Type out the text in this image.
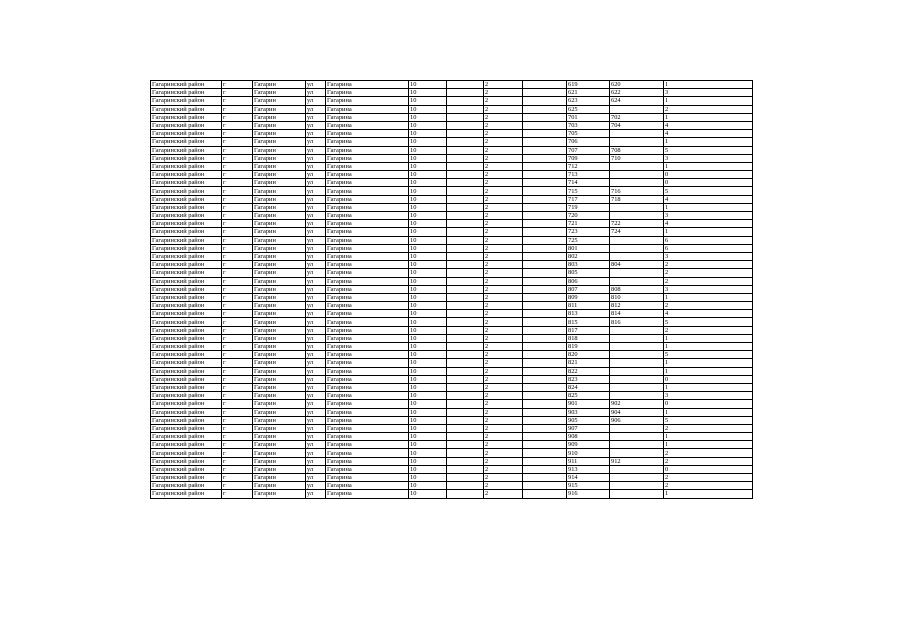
Гагаринский район	г	Гагарин	ул	Гагарина	10		2		619	620	1
Гагаринский район	г	Гагарин	ул	Гагарина	10		2		621	622	3
Гагаринский район	г	Гагарин	ул	Гагарина	10		2		623	624	1
Гагаринский район	г	Гагарин	ул	Гагарина	10		2		625		2
Гагаринский район	г	Гагарин	ул	Гагарина	10		2		701	702	1
Гагаринский район	г	Гагарин	ул	Гагарина	10		2		703	704	4
Гагаринский район	г	Гагарин	ул	Гагарина	10		2		705		4
Гагаринский район	г	Гагарин	ул	Гагарина	10		2		706		1
Гагаринский район	г	Гагарин	ул	Гагарина	10		2		707	708	5
Гагаринский район	г	Гагарин	ул	Гагарина	10		2		709	710	3
Гагаринский район	г	Гагарин	ул	Гагарина	10		2		712		1
Гагаринский район	г	Гагарин	ул	Гагарина	10		2		713		0
Гагаринский район	г	Гагарин	ул	Гагарина	10		2		714		0
Гагаринский район	г	Гагарин	ул	Гагарина	10		2		715	716	5
Гагаринский район	г	Гагарин	ул	Гагарина	10		2		717	718	4
Гагаринский район	г	Гагарин	ул	Гагарина	10		2		719		1
Гагаринский район	г	Гагарин	ул	Гагарина	10		2		720		3
Гагаринский район	г	Гагарин	ул	Гагарина	10		2		721	722	4
Гагаринский район	г	Гагарин	ул	Гагарина	10		2		723	724	1
Гагаринский район	г	Гагарин	ул	Гагарина	10		2		725		6
Гагаринский район	г	Гагарин	ул	Гагарина	10		2		801		6
Гагаринский район	г	Гагарин	ул	Гагарина	10		2		802		3
Гагаринский район	г	Гагарин	ул	Гагарина	10		2		803	804	2
Гагаринский район	г	Гагарин	ул	Гагарина	10		2		805		2
Гагаринский район	г	Гагарин	ул	Гагарина	10		2		806		2
Гагаринский район	г	Гагарин	ул	Гагарина	10		2		807	808	3
Гагаринский район	г	Гагарин	ул	Гагарина	10		2		809	810	1
Гагаринский район	г	Гагарин	ул	Гагарина	10		2		811	812	2
Гагаринский район	г	Гагарин	ул	Гагарина	10		2		813	814	4
Гагаринский район	г	Гагарин	ул	Гагарина	10		2		815	816	5
Гагаринский район	г	Гагарин	ул	Гагарина	10		2		817		2
Гагаринский район	г	Гагарин	ул	Гагарина	10		2		818		1
Гагаринский район	г	Гагарин	ул	Гагарина	10		2		819		1
Гагаринский район	г	Гагарин	ул	Гагарина	10		2		820		5
Гагаринский район	г	Гагарин	ул	Гагарина	10		2		821		1
Гагаринский район	г	Гагарин	ул	Гагарина	10		2		822		1
Гагаринский район	г	Гагарин	ул	Гагарина	10		2		823		0
Гагаринский район	г	Гагарин	ул	Гагарина	10		2		824		1
Гагаринский район	г	Гагарин	ул	Гагарина	10		2		825		3
Гагаринский район	г	Гагарин	ул	Гагарина	10		2		901	902	0
Гагаринский район	г	Гагарин	ул	Гагарина	10		2		903	904	1
Гагаринский район	г	Гагарин	ул	Гагарина	10		2		905	906	5
Гагаринский район	г	Гагарин	ул	Гагарина	10		2		907		2
Гагаринский район	г	Гагарин	ул	Гагарина	10		2		908		1
Гагаринский район	г	Гагарин	ул	Гагарина	10		2		909		1
Гагаринский район	г	Гагарин	ул	Гагарина	10		2		910		2
Гагаринский район	г	Гагарин	ул	Гагарина	10		2		911	912	2
Гагаринский район	г	Гагарин	ул	Гагарина	10		2		913		0
Гагаринский район	г	Гагарин	ул	Гагарина	10		2		914		2
Гагаринский район	г	Гагарин	ул	Гагарина	10		2		915		2
Гагаринский район	г	Гагарин	ул	Гагарина	10		2		916		1
